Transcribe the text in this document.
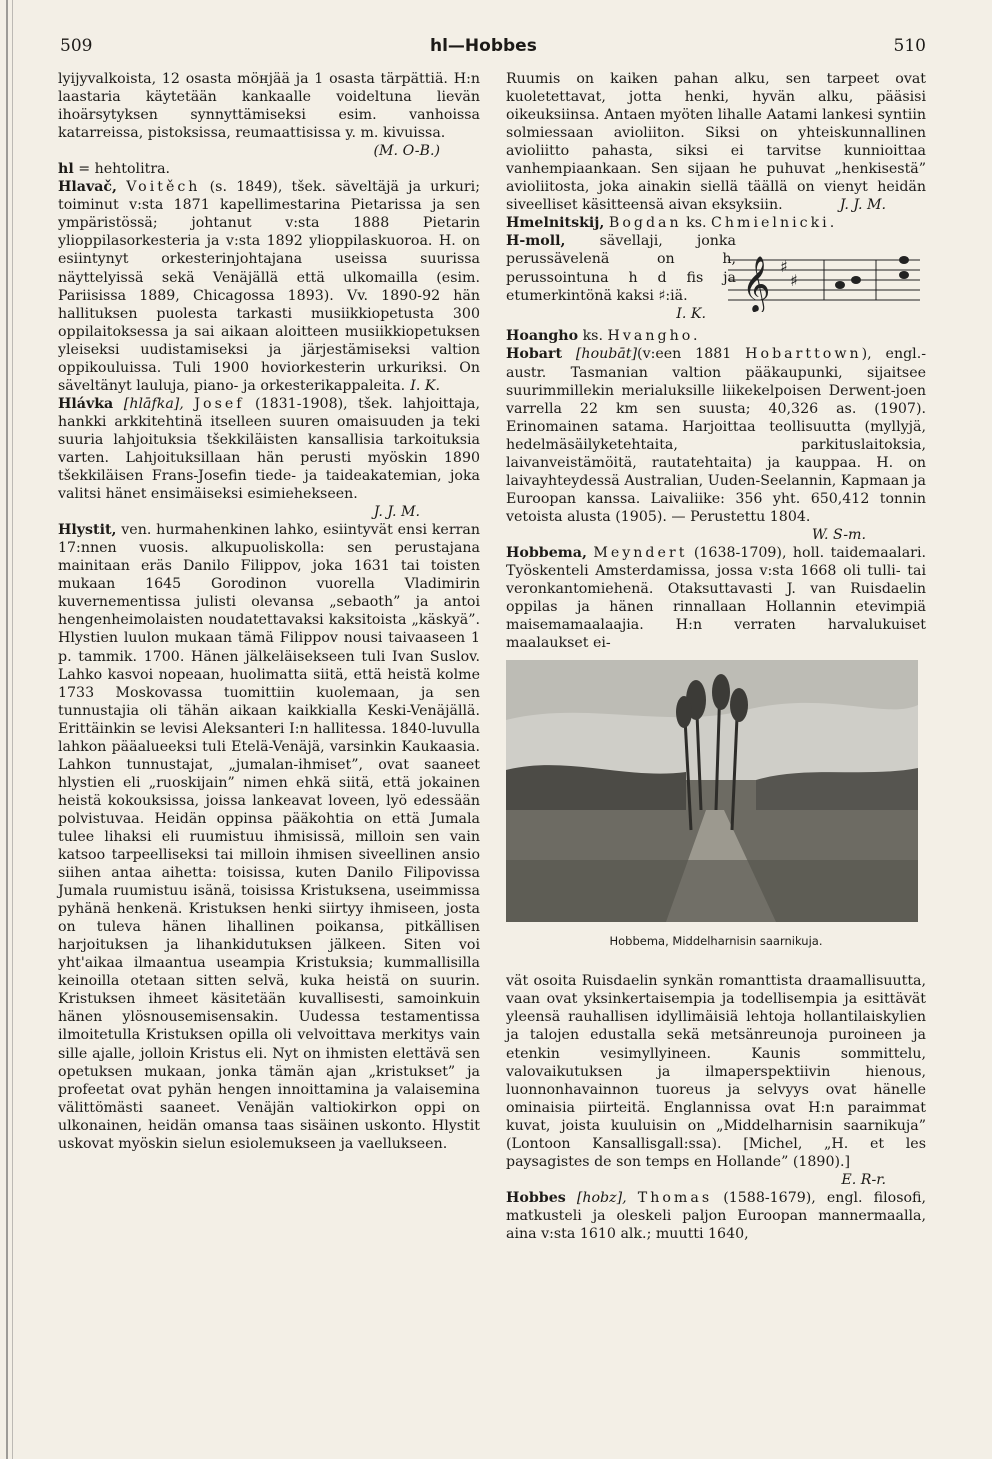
509	hl—Hobbes	510

lyijyvalkoista, 12 osasta möнjää ja 1 osasta tärpättiä. H:n laastaria käytetään kankaalle voideltuna lievän ihoärsytyksen synnyttämiseksi esim. vanhoissa katarreissa, pistoksissa, reumaattisissa y. m. kivuissa.
(M. O-B.)

hl = hehtolitra.

Hlavač, Voitěch (s. 1849), tšek. säveltäjä ja urkuri; toiminut v:sta 1871 kapellimestarina Pietarissa ja sen ympäristössä; johtanut v:sta 1888 Pietarin ylioppilasorkesteria ja v:sta 1892 ylioppilaskuoroa. H. on esiintynyt orkesterinjohtajana useissa suurissa näyttelyissä sekä Venäjällä että ulkomailla (esim. Pariisissa 1889, Chicagossa 1893). Vv. 1890-92 hän hallituksen puolesta tarkasti musiikkiopetusta 300 oppilaitoksessa ja sai aikaan aloitteen musiikkiopetuksen yleiseksi uudistamiseksi ja järjestämiseksi valtion oppikouluissa. Tuli 1900 hoviorkesterin urkuriksi. On säveltänyt lauluja, piano- ja orkesterikappaleita. I. K.

Hlávka [hlāfka], Josef (1831-1908), tšek. lahjoittaja, hankki arkkitehtinä itselleen suuren omaisuuden ja teki suuria lahjoituksia tšekkiläisten kansallisia tarkoituksia varten. Lahjoituksillaan hän perusti myöskin 1890 tšekkiläisen Frans-Josefin tiede- ja taideakatemian, joka valitsi hänet ensimäiseksi esimiehekseen.

J. J. M.

Hlystit, ven. hurmahenkinen lahko, esiintyvät ensi kerran 17:nnen vuosis. alkupuoliskolla: sen perustajana mainitaan eräs Danilo Filippov, joka 1631 tai toisten mukaan 1645 Gorodinon vuorella Vladimirin kuvernementissa julisti olevansa „sebaoth” ja antoi hengenheimolaisten noudatettavaksi kaksitoista „käskyä”. Hlystien luulon mukaan tämä Filippov nousi taivaaseen 1 p. tammik. 1700. Hänen jälkeläisekseen tuli Ivan Suslov. Lahko kasvoi nopeaan, huolimatta siitä, että heistä kolme 1733 Moskovassa tuomittiin kuolemaan, ja sen tunnustajia oli tähän aikaan kaikkialla Keski-Venäjällä. Erittäinkin se levisi Aleksanteri I:n hallitessa. 1840-luvulla lahkon pääalueeksi tuli Etelä-Venäjä, varsinkin Kaukaasia. Lahkon tunnustajat, „jumalan-ihmiset”, ovat saaneet hlystien eli „ruoskijain” nimen ehkä siitä, että jokainen heistä kokouksissa, joissa lankeavat loveen, lyö edessään polvistuvaa. Heidän oppinsa pääkohtia on että Jumala tulee lihaksi eli ruumistuu ihmisissä, milloin sen vain katsoo tarpeelliseksi tai milloin ihmisen siveellinen ansio siihen antaa aihetta: toisissa, kuten Danilo Filipovissa Jumala ruumistuu isänä, toisissa Kristuksena, useimmissa pyhänä henkenä. Kristuksen henki siirtyy ihmiseen, josta on tuleva hänen lihallinen poikansa, pitkällisen harjoituksen ja lihankidutuksen jälkeen. Siten voi yht'aikaa ilmaantua useampia Kristuksia; kummallisilla keinoilla otetaan sitten selvä, kuka heistä on suurin. Kristuksen ihmeet käsitetään kuvallisesti, samoinkuin hänen ylösnousemisensakin. Uudessa testamentissa ilmoitetulla Kristuksen opilla oli velvoittava merkitys vain sille ajalle, jolloin Kristus eli. Nyt on ihmisten elettävä sen opetuksen mukaan, jonka tämän ajan „kristukset” ja profeetat ovat pyhän hengen innoittamina ja valaisemina välittömästi saaneet. Venäjän valtiokirkon oppi on ulkonainen, heidän omansa taas sisäinen uskonto. Hlystit uskovat myöskin sielun esiolemukseen ja vaellukseen.

Ruumis on kaiken pahan alku, sen tarpeet ovat kuoletettavat, jotta henki, hyvän alku, pääsisi oikeuksiinsa. Antaen myöten lihalle Aatami lankesi syntiin solmiessaan avioliiton. Siksi on yhteiskunnallinen avioliitto pahasta, siksi ei tarvitse kunnioittaa vanhempiaankaan. Sen sijaan he puhuvat „henkisestä” avioliitosta, joka ainakin siellä täällä on vienyt heidän siveelliset käsitteensä aivan eksyksiin.	J. J. M.

Hmelnitskij, Bogdan ks. Chmielnicki.

H-moll, sävellaji, jonka perussävelenä on h, perussointuna h d fis ja etumerkintönä kaksi ♯:iä.
I. K.
𝄞 ♯
♯

Hoangho ks. Hvangho.

Hobart [houbāt](v:een 1881 Hobarttown), engl.-austr. Tasmanian valtion pääkaupunki, sijaitsee suurimmillekin merialuksille liikekelpoisen Derwent-joen varrella 22 km sen suusta; 40,326 as. (1907). Erinomainen satama. Harjoittaa teollisuutta (myllyjä, hedelmäsäilyketehtaita, parkituslaitoksia, laivanveistämöitä, rautatehtaita) ja kauppaa. H. on laivayhteydessä Australian, Uuden-Seelannin, Kapmaan ja Euroopan kanssa. Laivaliike: 356 yht. 650,412 tonnin vetoista alusta (1905). — Perustettu 1804.

W. S-m.

Hobbema, Meyndert (1638-1709), holl. taidemaalari. Työskenteli Amsterdamissa, jossa v:sta 1668 oli tulli- tai veronkantomiehenä. Otaksuttavasti J. van Ruisdaelin oppilas ja hänen rinnallaan Hollannin etevimpiä maisemamaalaajia. H:n verraten harvalukuiset maalaukset ei-

Hobbema, Middelharnisin saarnikuja.

vät osoita Ruisdaelin synkän romanttista draamallisuutta, vaan ovat yksinkertaisempia ja todellisempia ja esittävät yleensä rauhallisen idyllimäisiä lehtoja hollantilaiskylien ja talojen edustalla sekä metsänreunoja puroineen ja etenkin vesimyllyineen. Kaunis sommittelu, valovaikutuksen ja ilmaperspektiivin hienous, luonnonhavainnon tuoreus ja selvyys ovat hänelle ominaisia piirteitä. Englannissa ovat H:n paraimmat kuvat, joista kuuluisin on „Middelharnisin saarnikuja” (Lontoon Kansallisgall:ssa). [Michel, „H. et les paysagistes de son temps en Hollande” (1890).]
E. R-r.

Hobbes [hobz], Thomas (1588-1679), engl. filosofi, matkusteli ja oleskeli paljon Euroopan mannermaalla, aina v:sta 1610 alk.; muutti 1640,
